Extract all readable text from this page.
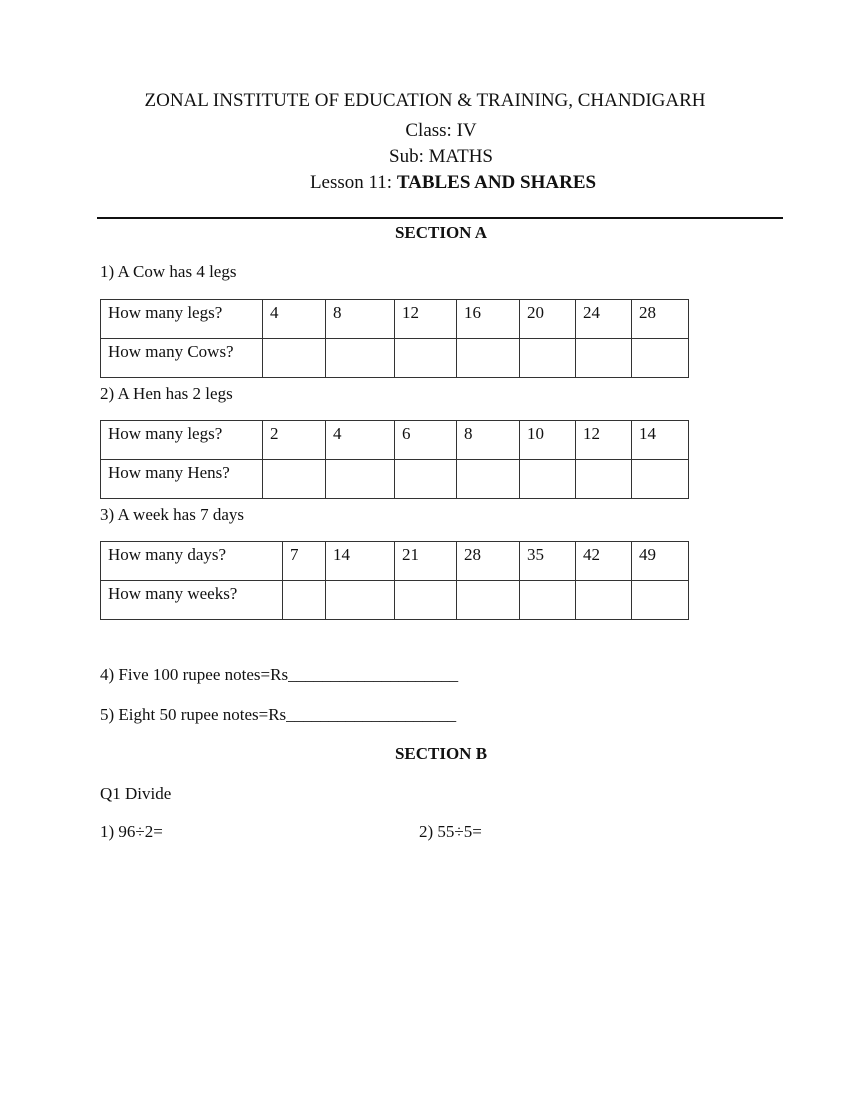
ZONAL INSTITUTE OF EDUCATION & TRAINING, CHANDIGARH
Class: IV
Sub: MATHS
Lesson 11: TABLES AND SHARES
SECTION A
1) A Cow has 4 legs
How many legs?	4	8	12	16	20	24	28
How many Cows?							
2) A Hen has 2 legs
How many legs?	2	4	6	8	10	12	14
How many Hens?							
3) A week has 7 days
How many days?	7	14	21	28	35	42	49
How many weeks?							
4) Five 100 rupee notes=Rs____________________
5) Eight 50 rupee notes=Rs____________________
SECTION B
Q1 Divide
1) 96÷2=	2) 55÷5=
